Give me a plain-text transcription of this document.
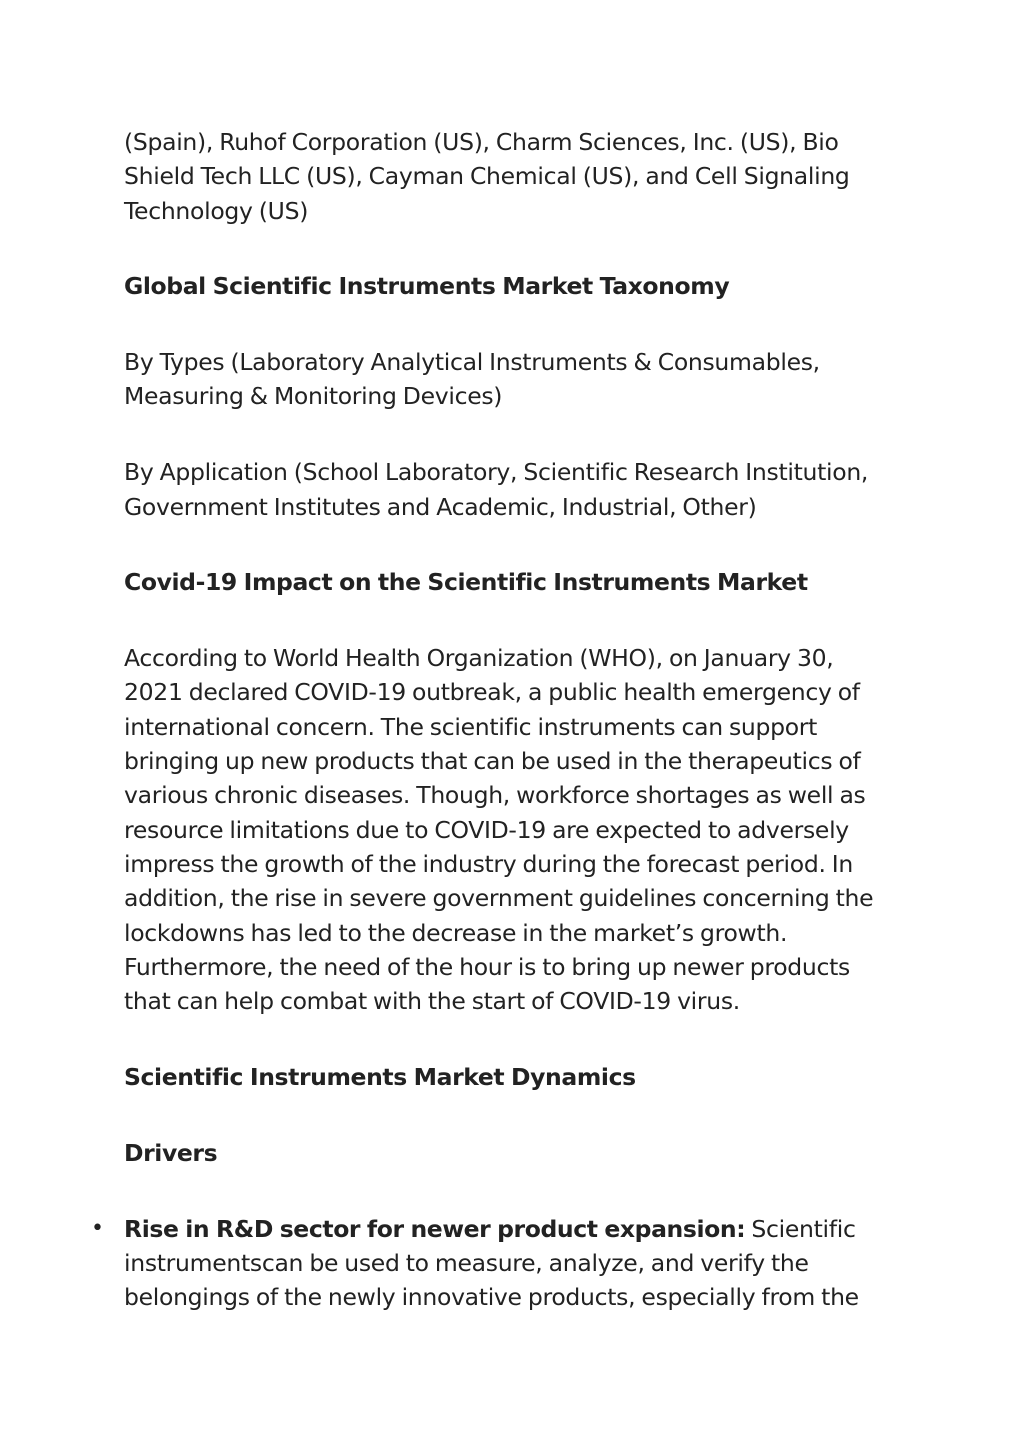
(Spain), Ruhof Corporation (US), Charm Sciences, Inc. (US), Bio Shield Tech LLC (US), Cayman Chemical (US), and Cell Signaling Technology (US)

Global Scientific Instruments Market Taxonomy

By Types (Laboratory Analytical Instruments & Consumables, Measuring & Monitoring Devices)

By Application (School Laboratory, Scientific Research Institution, Government Institutes and Academic, Industrial, Other)

Covid-19 Impact on the Scientific Instruments Market

According to World Health Organization (WHO), on January 30, 2021 declared COVID-19 outbreak, a public health emergency of international concern. The scientific instruments can support bringing up new products that can be used in the therapeutics of various chronic diseases. Though, workforce shortages as well as resource limitations due to COVID-19 are expected to adversely impress the growth of the industry during the forecast period. In addition, the rise in severe government guidelines concerning the lockdowns has led to the decrease in the market’s growth. Furthermore, the need of the hour is to bring up newer products that can help combat with the start of COVID-19 virus.

Scientific Instruments Market Dynamics
Drivers
• Rise in R&D sector for newer product expansion: Scientific instrumentscan be used to measure, analyze, and verify the belongings of the newly innovative products, especially from the
